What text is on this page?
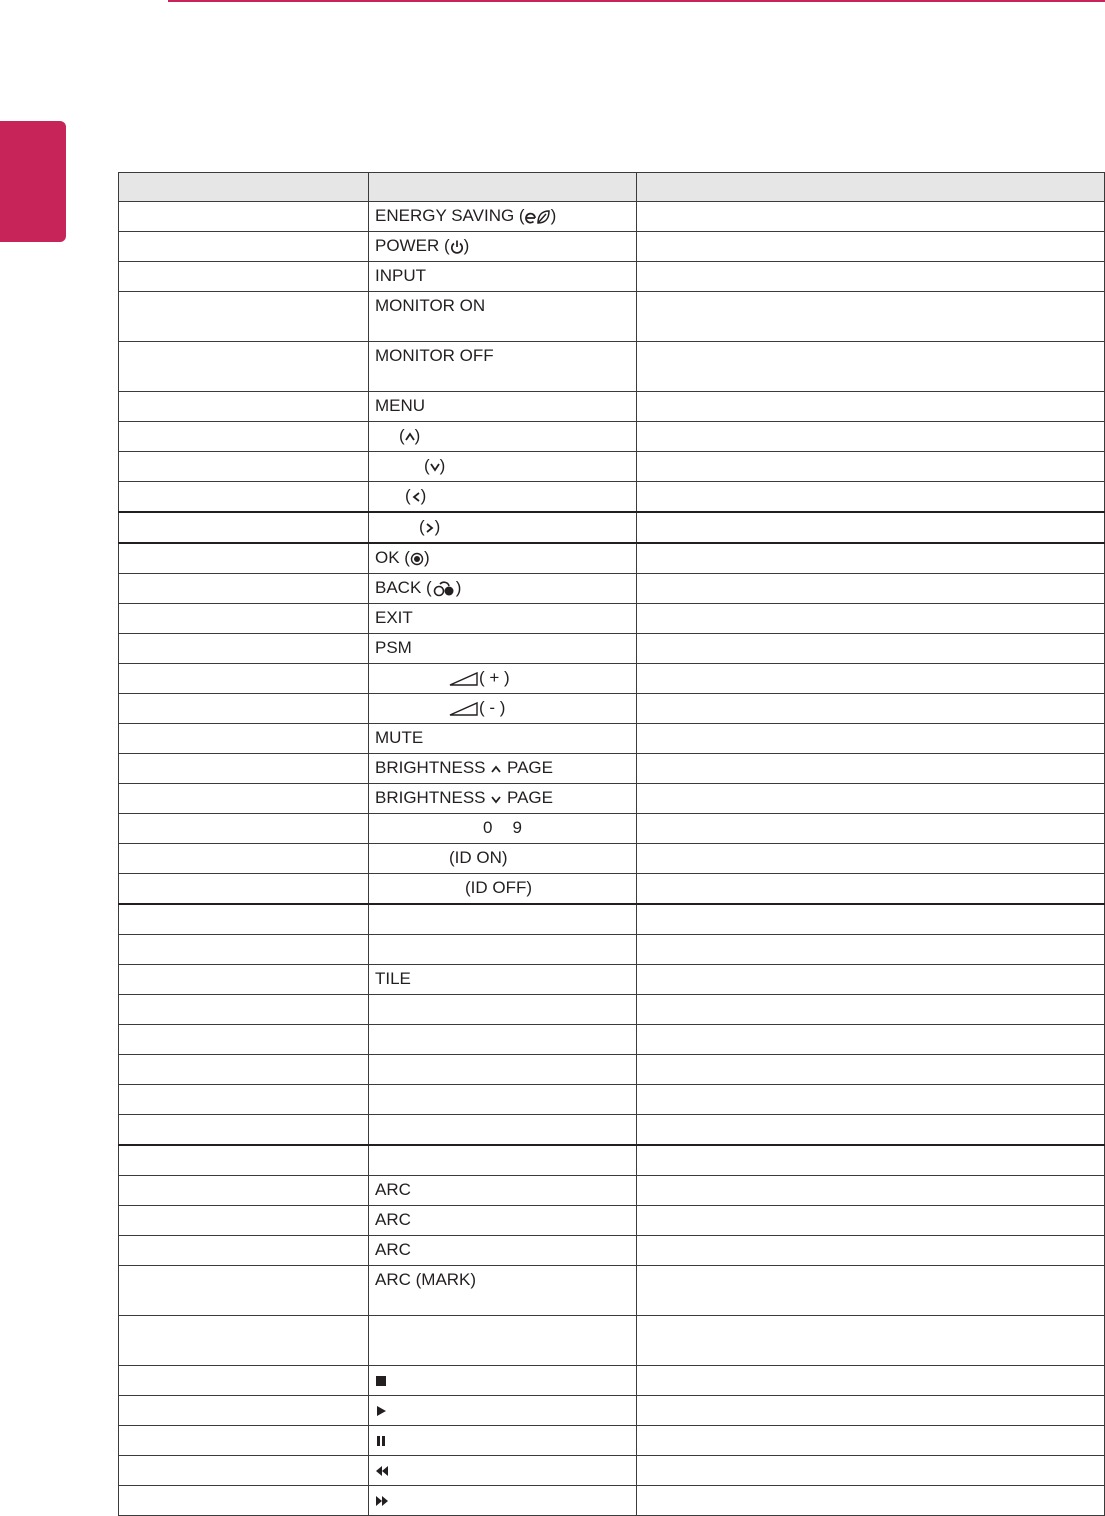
	ENERGY SAVING ( )	
	POWER ( )	
	INPUT	
	MONITOR ON	
	MONITOR OFF	
	MENU	
	( )	
	( )	
	( )	
	( )	
	OK ( )	
	BACK ( )	
	EXIT	
	PSM	
	( + )	
	( - )	
	MUTE	
	BRIGHTNESS PAGE	
	BRIGHTNESS PAGE	
	0 9	
	(ID ON)	
	(ID OFF)	

	TILE	

	ARC	
	ARC	
	ARC	
	ARC (MARK)	
